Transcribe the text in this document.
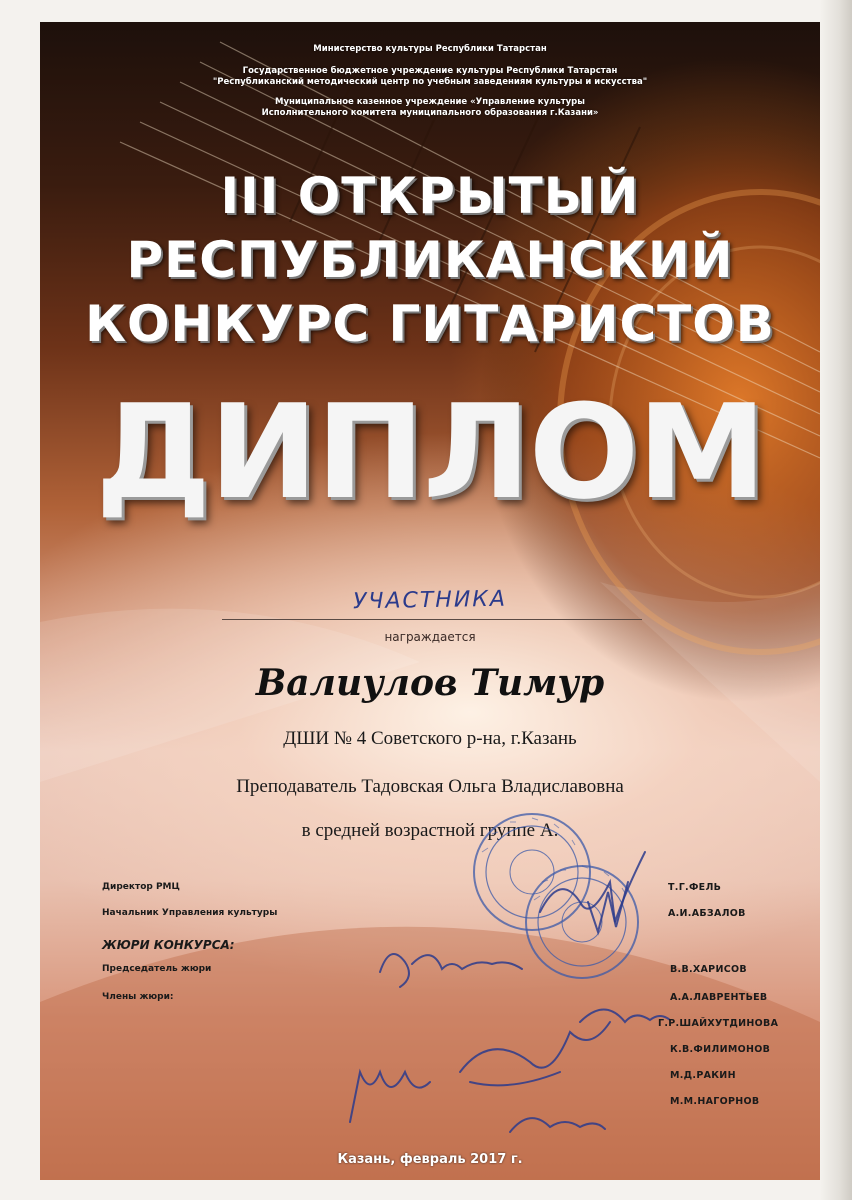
Министерство культуры Республики Татарстан
Государственное бюджетное учреждение культуры Республики Татарстан
"Республиканский методический центр по учебным заведениям культуры и искусства"
Муниципальное казенное учреждение «Управление культуры
Исполнительного комитета муниципального образования г.Казани»
III ОТКРЫТЫЙ
РЕСПУБЛИКАНСКИЙ
КОНКУРС ГИТАРИСТОВ
ДИПЛОМ
УЧАСТНИКА
награждается
Валиулов Тимур
ДШИ № 4 Советского р-на, г.Казань
Преподаватель Тадовская Ольга Владиславовна
в средней возрастной группе А.
Директор РМЦ	Т.Г.ФЕЛЬ
Начальник Управления культуры	А.И.АБЗАЛОВ
ЖЮРИ КОНКУРСА:
Председатель жюри	В.В.ХАРИСОВ
Члены жюри:	А.А.ЛАВРЕНТЬЕВ
Г.Р.ШАЙХУТДИНОВА
К.В.ФИЛИМОНОВ
М.Д.РАКИН
М.М.НАГОРНОВ
Казань, февраль 2017 г.
